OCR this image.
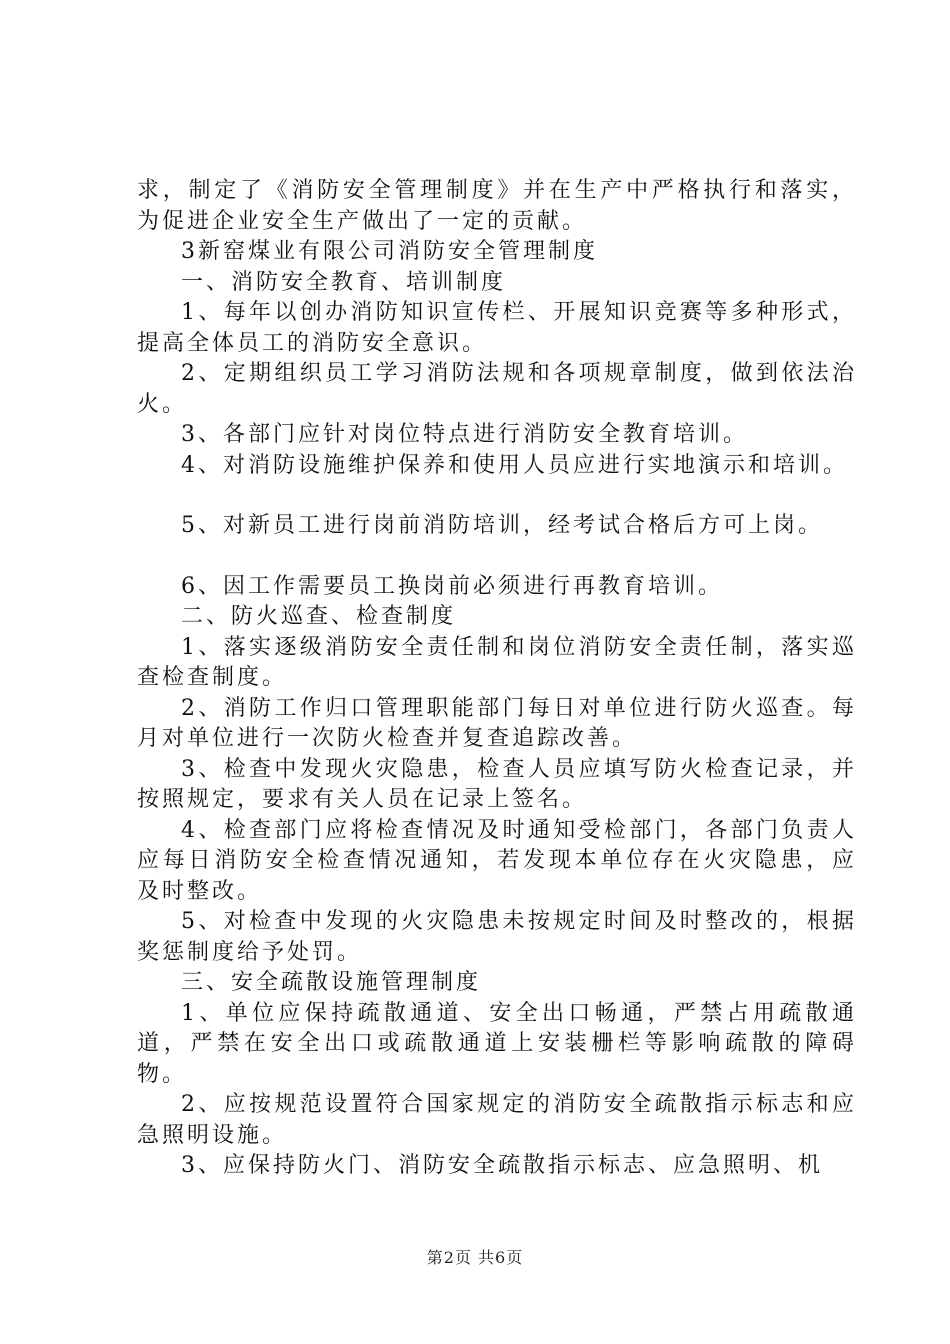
求，制定了《消防安全管理制度》并在生产中严格执行和落实，为促进企业安全生产做出了一定的贡献。

3新窑煤业有限公司消防安全管理制度

一、消防安全教育、培训制度

1、每年以创办消防知识宣传栏、开展知识竞赛等多种形式，提高全体员工的消防安全意识。

2、定期组织员工学习消防法规和各项规章制度，做到依法治火。

3、各部门应针对岗位特点进行消防安全教育培训。

4、对消防设施维护保养和使用人员应进行实地演示和培训。

5、对新员工进行岗前消防培训，经考试合格后方可上岗。

6、因工作需要员工换岗前必须进行再教育培训。

二、防火巡查、检查制度

1、落实逐级消防安全责任制和岗位消防安全责任制，落实巡查检查制度。

2、消防工作归口管理职能部门每日对单位进行防火巡查。每月对单位进行一次防火检查并复查追踪改善。

3、检查中发现火灾隐患，检查人员应填写防火检查记录，并按照规定，要求有关人员在记录上签名。

4、检查部门应将检查情况及时通知受检部门，各部门负责人应每日消防安全检查情况通知，若发现本单位存在火灾隐患，应及时整改。

5、对检查中发现的火灾隐患未按规定时间及时整改的，根据奖惩制度给予处罚。

三、安全疏散设施管理制度

1、单位应保持疏散通道、安全出口畅通，严禁占用疏散通道，严禁在安全出口或疏散通道上安装栅栏等影响疏散的障碍物。

2、应按规范设置符合国家规定的消防安全疏散指示标志和应急照明设施。

3、应保持防火门、消防安全疏散指示标志、应急照明、机

第2页 共6页
